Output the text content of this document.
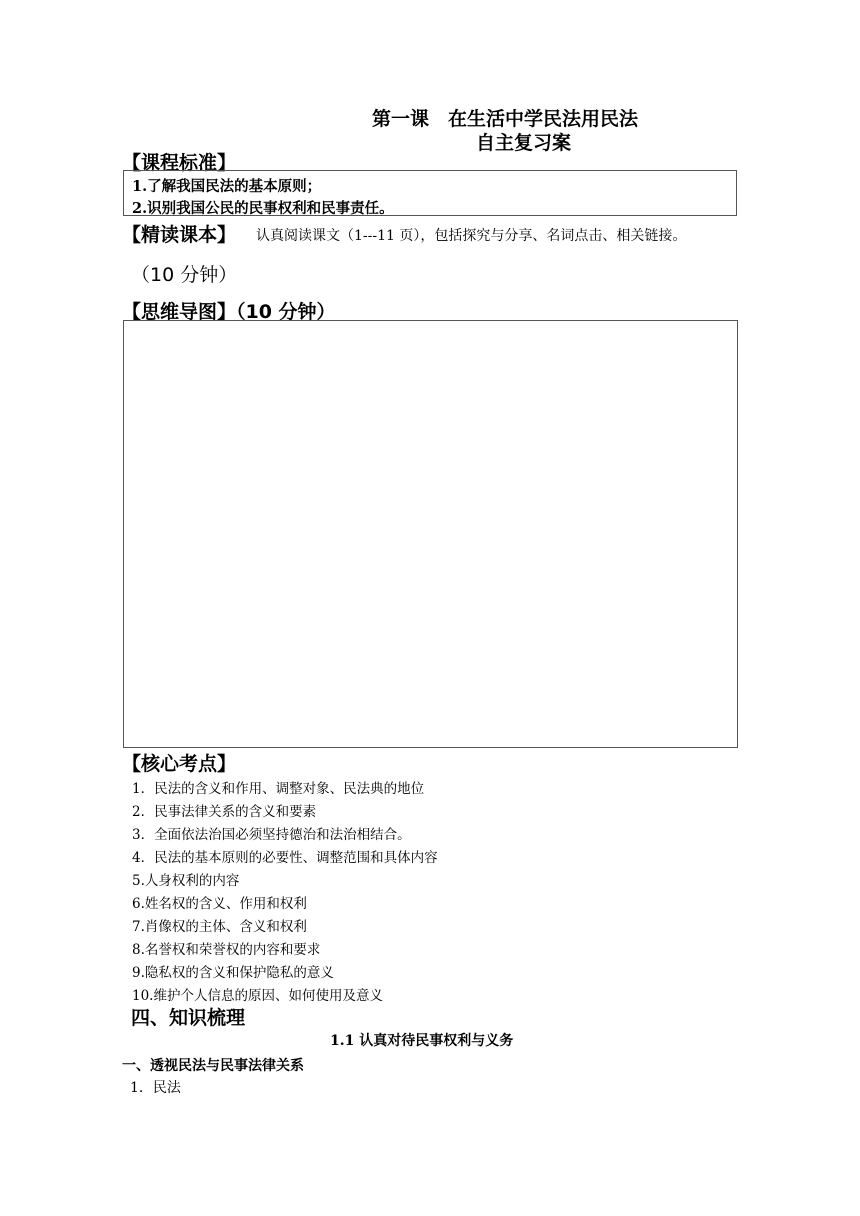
第一课　在生活中学民法用民法
自主复习案
【课程标准】
1.了解我国民法的基本原则；
2.识别我国公民的民事权利和民事责任。
【精读课本】 认真阅读课文（1---11 页），包括探究与分享、名词点击、相关链接。
（10 分钟）
【思维导图】（10 分钟）
【核心考点】
1．民法的含义和作用、调整对象、民法典的地位
2．民事法律关系的含义和要素
3．全面依法治国必须坚持德治和法治相结合。
4．民法的基本原则的必要性、调整范围和具体内容
5.人身权利的内容
6.姓名权的含义、作用和权利
7.肖像权的主体、含义和权利
8.名誉权和荣誉权的内容和要求
9.隐私权的含义和保护隐私的意义
10.维护个人信息的原因、如何使用及意义
四、知识梳理
1.1 认真对待民事权利与义务
一、透视民法与民事法律关系
1．民法
